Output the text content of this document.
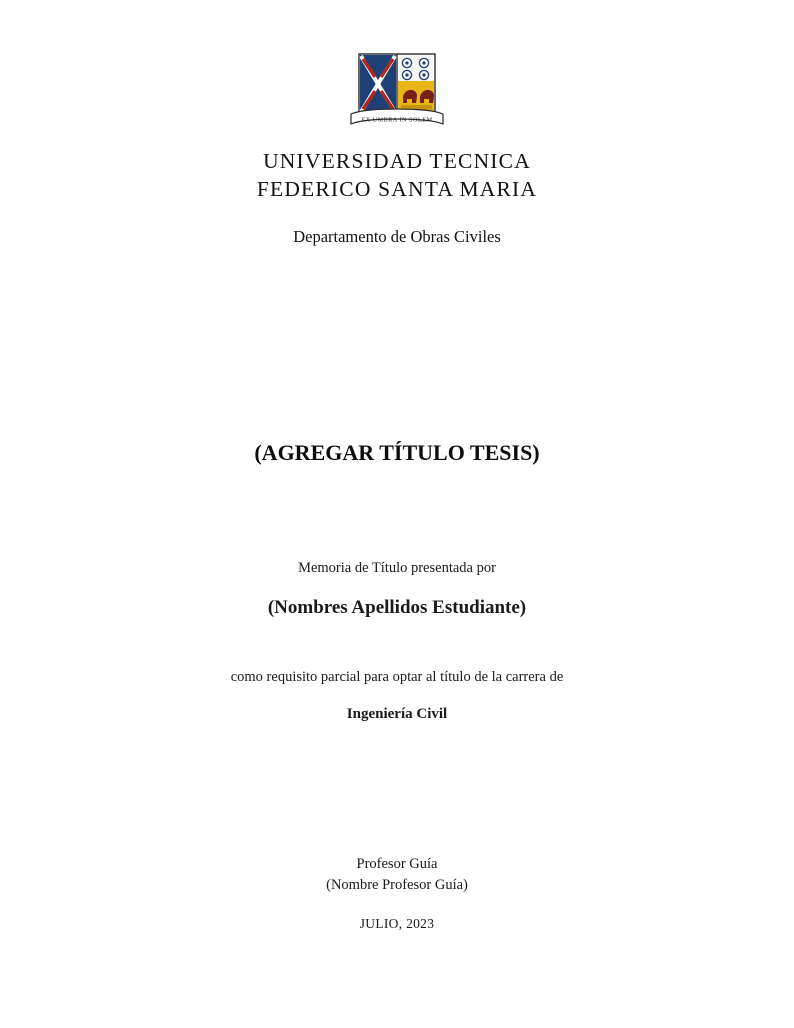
EX UMBRA IN SOLEM
UNIVERSIDAD TECNICA
FEDERICO SANTA MARIA
Departamento de Obras Civiles
(AGREGAR TÍTULO TESIS)
Memoria de Título presentada por
(Nombres Apellidos Estudiante)
como requisito parcial para optar al título de la carrera de
Ingeniería Civil
Profesor Guía
(Nombre Profesor Guía)
JULIO, 2023
